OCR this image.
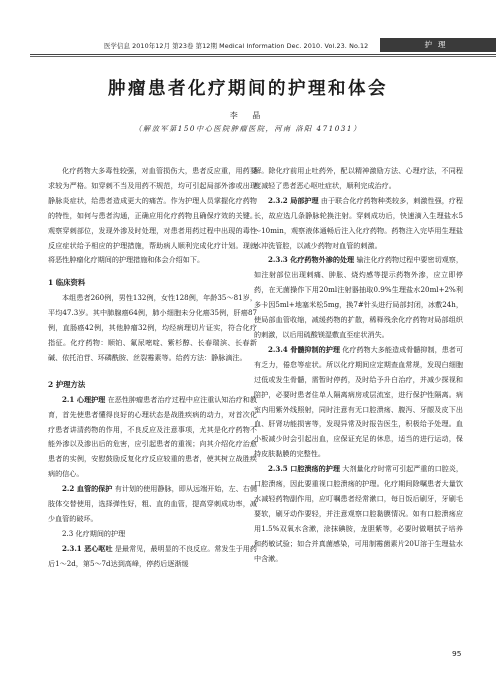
医学信息 2010年12月 第23卷 第12期 Medical Information Dec. 2010. Vol.23. No.12	护理
肿瘤患者化疗期间的护理和体会
李 晶
（解放军第150中心医院肿瘤医院，河南 洛阳 471031）

化疗药物大多毒性较强，对血管损伤大，患者反应重，用药要求较为严格。如穿刺不当及用药不规范，均可引起局部外渗或出现静脉炎症状，给患者造成更大的痛苦。作为护理人员掌握化疗药物的特性，如何与患者沟通，正确应用化疗药物且确保疗效的关键。观察穿刺部位，发现外渗及时处理，对患者用药过程中出现的毒性反应症状给予相应的护理措施，帮助病人顺利完成化疗计划。现就将恶性肿瘤化疗期间的护理措施和体会介绍如下。

1 临床资料

本组患者260例，男性132例，女性128例，年龄35～81岁，平均47.3岁。其中肺腺癌64例，肺小细胞未分化癌35例，肝癌87例，直肠癌42例，其他肿瘤32例，均经病理切片证实，符合化疗指征。化疗药物：顺铂、氟尿嘧啶、紫杉醇、长春瑞滨、长春新碱、依托泊苷、环磷酰胺、丝裂霉素等。给药方法：静脉滴注。

2 护理方法

2.1 心理护理 在恶性肿瘤患者治疗过程中应注重认知治疗和教育，首先使患者懂得良好的心理状态是战胜疾病的动力，对首次化疗患者讲清药物的作用，不良反应及注意事项，尤其是化疗药物不能外渗以及渗出后的危害，应引起患者的重视；向其介绍化疗治愈患者的实例，安慰鼓励反复化疗反应较重的患者，使其树立战胜疾病的信心。

2.2 血管的保护 有计划的使用静脉，即从远端开始，左、右侧肢体交替使用，选择弹性好，粗、直的血管，提高穿刺成功率，减少血管的破坏。

2.3 化疗期间的护理

2.3.1 恶心呕吐 是最常见，最明显的不良反应。常发生于用药后1～2d，第5～7d达到高峰，停药后逐渐缓

解。除化疗前用止吐药外，配以精神激励方法、心理疗法，不同程度减轻了患者恶心呕吐症状，顺利完成治疗。

2.3.2 局部护理 由于联合化疗药物种类较多，刺激性强，疗程长，故应选几条静脉轮换注射。穿刺成功后，快速滴入生理盐水5～10min，观察液体通畅后注入化疗药物。药物注入完毕用生理盐水冲洗管腔，以减少药物对血管的刺激。

2.3.3 化疗药物外渗的处理 输注化疗药物过程中要密切观察，如注射部位出现刺痛、肿胀、烧灼感等提示药物外渗，应立即停药，在无菌操作下用20ml注射器抽取0.9%生理盐水20ml+2%利多卡因5ml+地塞米松5mg，换7#针头进行局部封闭，冰敷24h，使局部血管收缩，减缓药物的扩散，稀释残余化疗药物对局部组织的刺激，以后用硫酸镁湿敷直至症状消失。

2.3.4 骨髓抑制的护理 化疗药物大多能造成骨髓抑制，患者可有乏力，倦怠等症状。所以化疗期间应定期查血常规，发现白细胞过低或发生骨髓，需暂时停药，及时给予升白治疗，并减少探视和陪护，必要时患者住单人隔离病房或层流室，进行保护性隔离。病室内用紫外线照射，同时注意有无口腔溃疡、腹泻、牙龈及皮下出血、肝肾功能损害等，发现异常及时报告医生，积极给予处理。血小板减少时会引起出血，应保证充足的休息，适当的进行运动，保持皮肤黏膜的完整性。

2.3.5 口腔溃疡的护理 大剂量化疗时常可引起严重的口腔炎，口腔溃疡，因此要重视口腔溃疡的护理。化疗期间除嘱患者大量饮水减轻药物副作用，应叮嘱患者经常漱口，每日饭后刷牙，牙刷毛要软，刷牙动作要轻，并注意观察口腔黏膜情况。如有口腔溃疡应用1.5%双氧水含漱，涂抹碘胺，龙胆紫等，必要时做咽拭子培养和药敏试验；如合并真菌感染，可用制霉菌素片20U溶于生理盐水中含漱。

95
